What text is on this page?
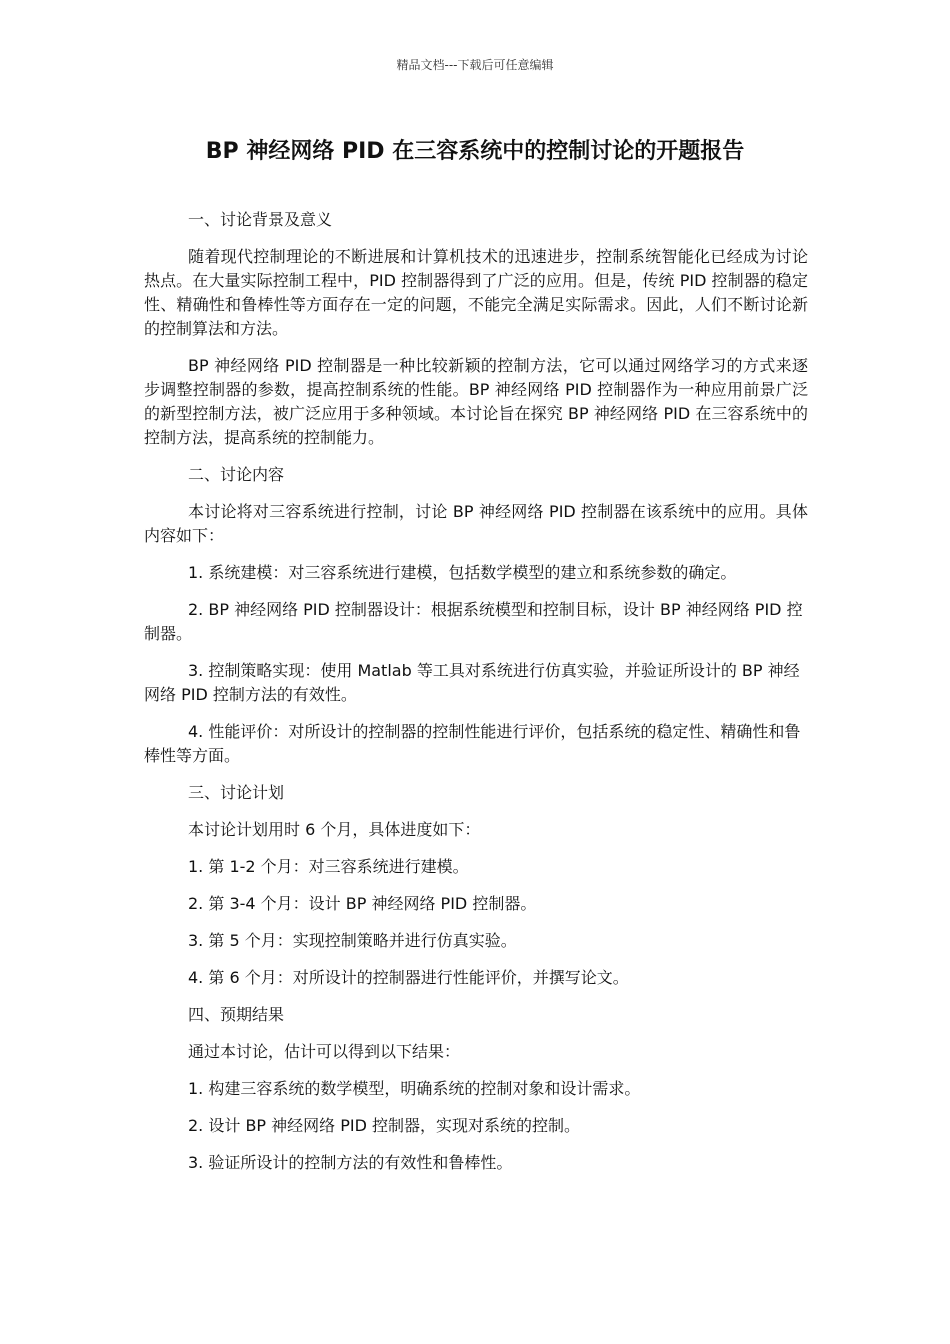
精品文档---下载后可任意编辑
BP 神经网络 PID 在三容系统中的控制讨论的开题报告
一、讨论背景及意义
随着现代控制理论的不断进展和计算机技术的迅速进步，控制系统智能化已经成为讨论热点。在大量实际控制工程中，PID 控制器得到了广泛的应用。但是，传统 PID 控制器的稳定性、精确性和鲁棒性等方面存在一定的问题，不能完全满足实际需求。因此，人们不断讨论新的控制算法和方法。
BP 神经网络 PID 控制器是一种比较新颖的控制方法，它可以通过网络学习的方式来逐步调整控制器的参数，提高控制系统的性能。BP 神经网络 PID 控制器作为一种应用前景广泛的新型控制方法，被广泛应用于多种领域。本讨论旨在探究 BP 神经网络 PID 在三容系统中的控制方法，提高系统的控制能力。
二、讨论内容
本讨论将对三容系统进行控制，讨论 BP 神经网络 PID 控制器在该系统中的应用。具体内容如下：
1. 系统建模：对三容系统进行建模，包括数学模型的建立和系统参数的确定。
2. BP 神经网络 PID 控制器设计：根据系统模型和控制目标，设计 BP 神经网络 PID 控制器。
3. 控制策略实现：使用 Matlab 等工具对系统进行仿真实验，并验证所设计的 BP 神经网络 PID 控制方法的有效性。
4. 性能评价：对所设计的控制器的控制性能进行评价，包括系统的稳定性、精确性和鲁棒性等方面。
三、讨论计划
本讨论计划用时 6 个月，具体进度如下：
1. 第 1-2 个月：对三容系统进行建模。
2. 第 3-4 个月：设计 BP 神经网络 PID 控制器。
3. 第 5 个月：实现控制策略并进行仿真实验。
4. 第 6 个月：对所设计的控制器进行性能评价，并撰写论文。
四、预期结果
通过本讨论，估计可以得到以下结果：
1. 构建三容系统的数学模型，明确系统的控制对象和设计需求。
2. 设计 BP 神经网络 PID 控制器，实现对系统的控制。
3. 验证所设计的控制方法的有效性和鲁棒性。
